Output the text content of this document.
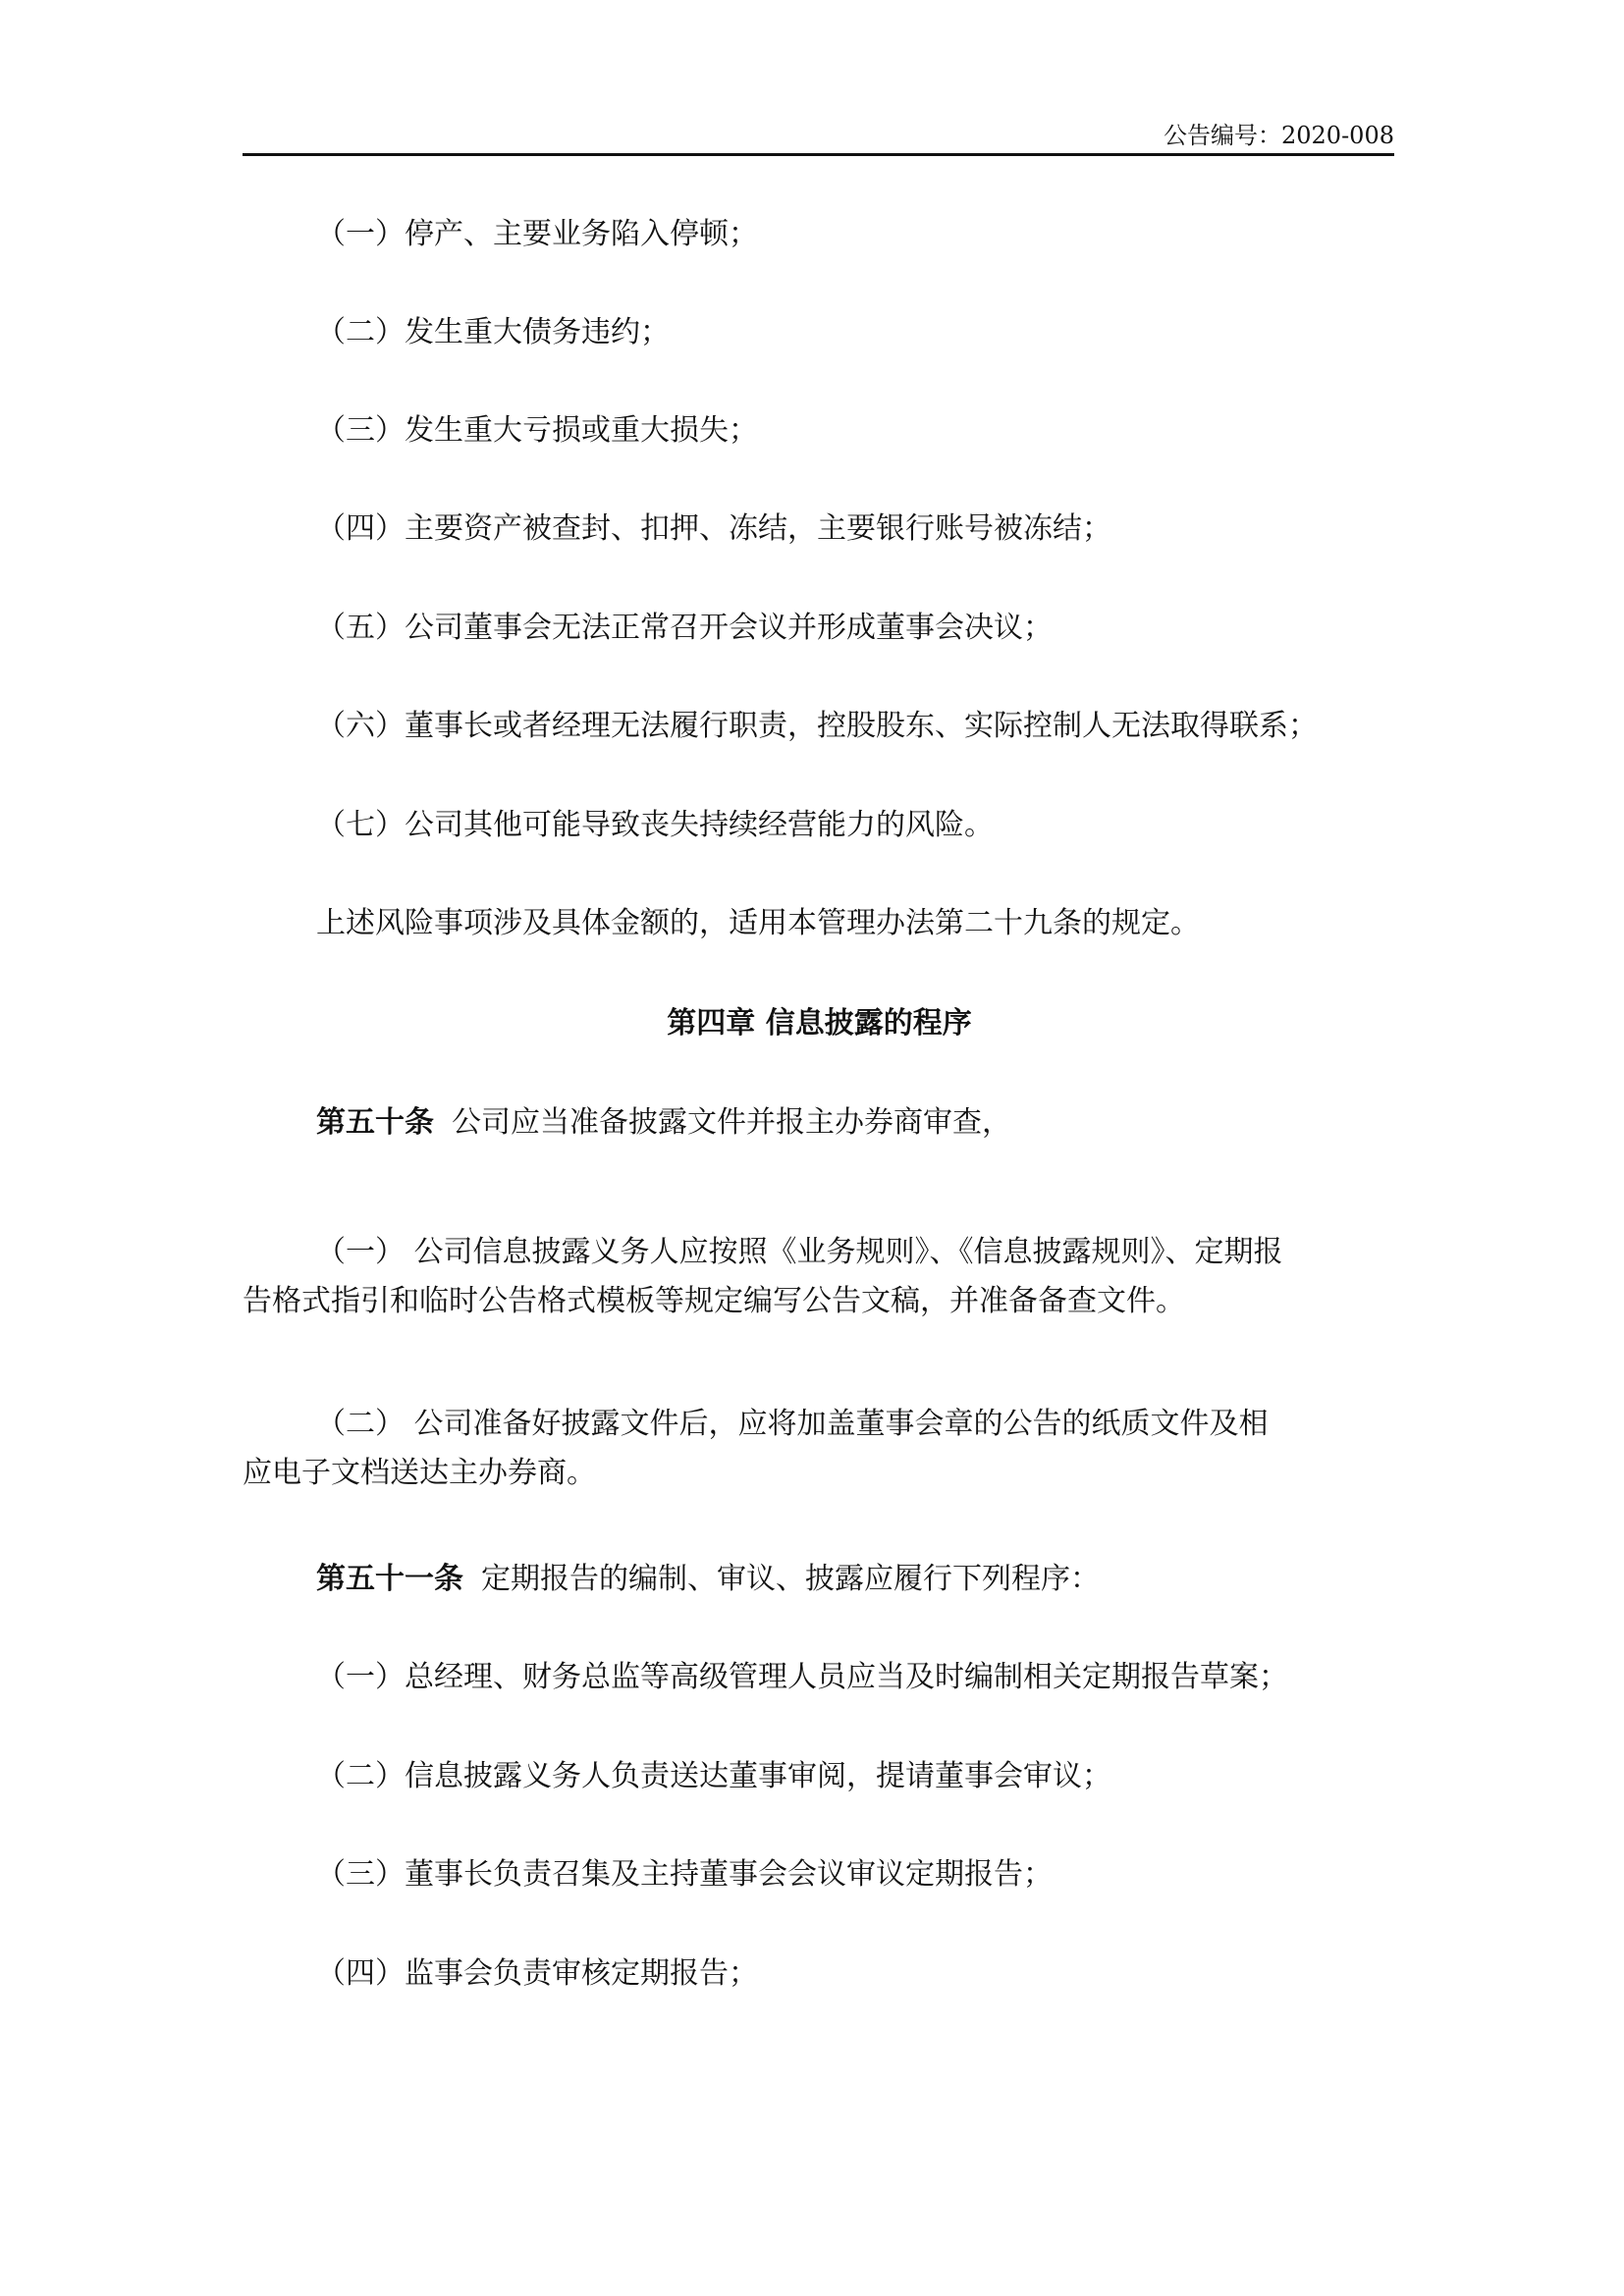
公告编号：2020-008
（一）停产、主要业务陷入停顿；
（二）发生重大债务违约；
（三）发生重大亏损或重大损失；
（四）主要资产被查封、扣押、冻结，主要银行账号被冻结；
（五）公司董事会无法正常召开会议并形成董事会决议；
（六）董事长或者经理无法履行职责，控股股东、实际控制人无法取得联系；
（七）公司其他可能导致丧失持续经营能力的风险。
上述风险事项涉及具体金额的，适用本管理办法第二十九条的规定。
第四章 信息披露的程序
第五十条 公司应当准备披露文件并报主办券商审查，
（一） 公司信息披露义务人应按照《业务规则》、《信息披露规则》、定期报
告格式指引和临时公告格式模板等规定编写公告文稿，并准备备查文件。
（二） 公司准备好披露文件后，应将加盖董事会章的公告的纸质文件及相
应电子文档送达主办券商。
第五十一条 定期报告的编制、审议、披露应履行下列程序：
（一）总经理、财务总监等高级管理人员应当及时编制相关定期报告草案；
（二）信息披露义务人负责送达董事审阅，提请董事会审议；
（三）董事长负责召集及主持董事会会议审议定期报告；
（四）监事会负责审核定期报告；
